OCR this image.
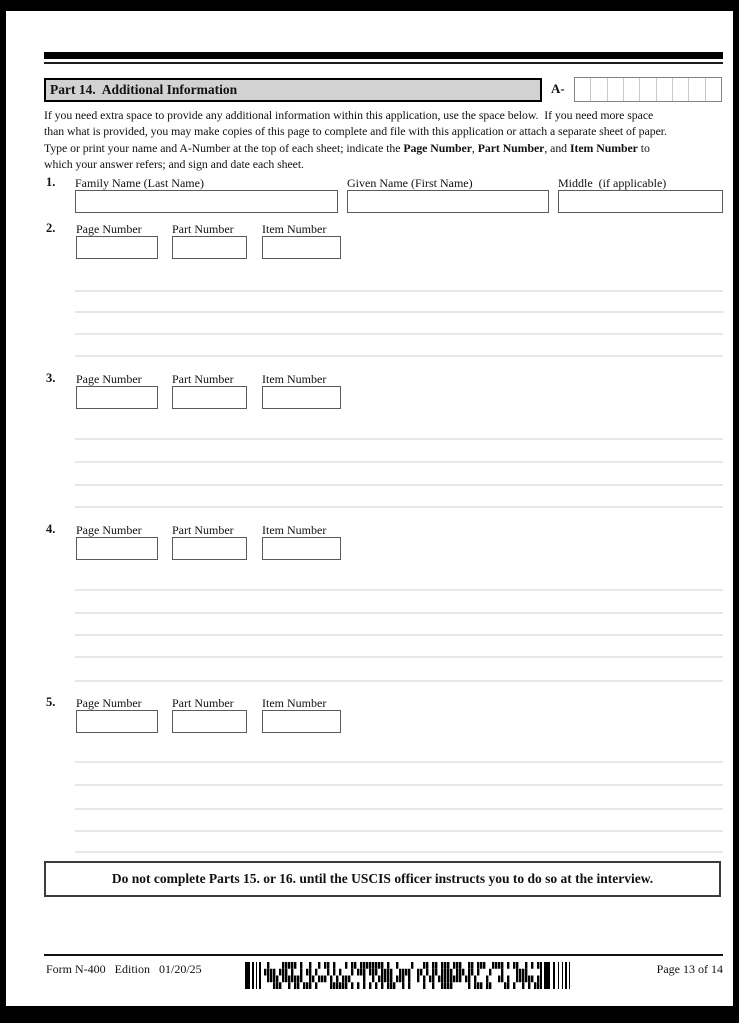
Part 14.  Additional Information	A-
If you need extra space to provide any additional information within this application, use the space below.  If you need more space
than what is provided, you may make copies of this page to complete and file with this application or attach a separate sheet of paper.
Type or print your name and A-Number at the top of each sheet; indicate the Page Number, Part Number, and Item Number to
which your answer refers; and sign and date each sheet.
1. Family Name (Last Name)	Given Name (First Name)	Middle  (if applicable)
2. Page Number	Part Number Item Number
3. Page Number	Part Number Item Number
4. Page Number	Part Number Item Number
5. Page Number	Part Number Item Number
Do not complete Parts 15. or 16. until the USCIS officer instructs you to do so at the interview.
Form N-400   Edition   01/20/25	Page 13 of 14
